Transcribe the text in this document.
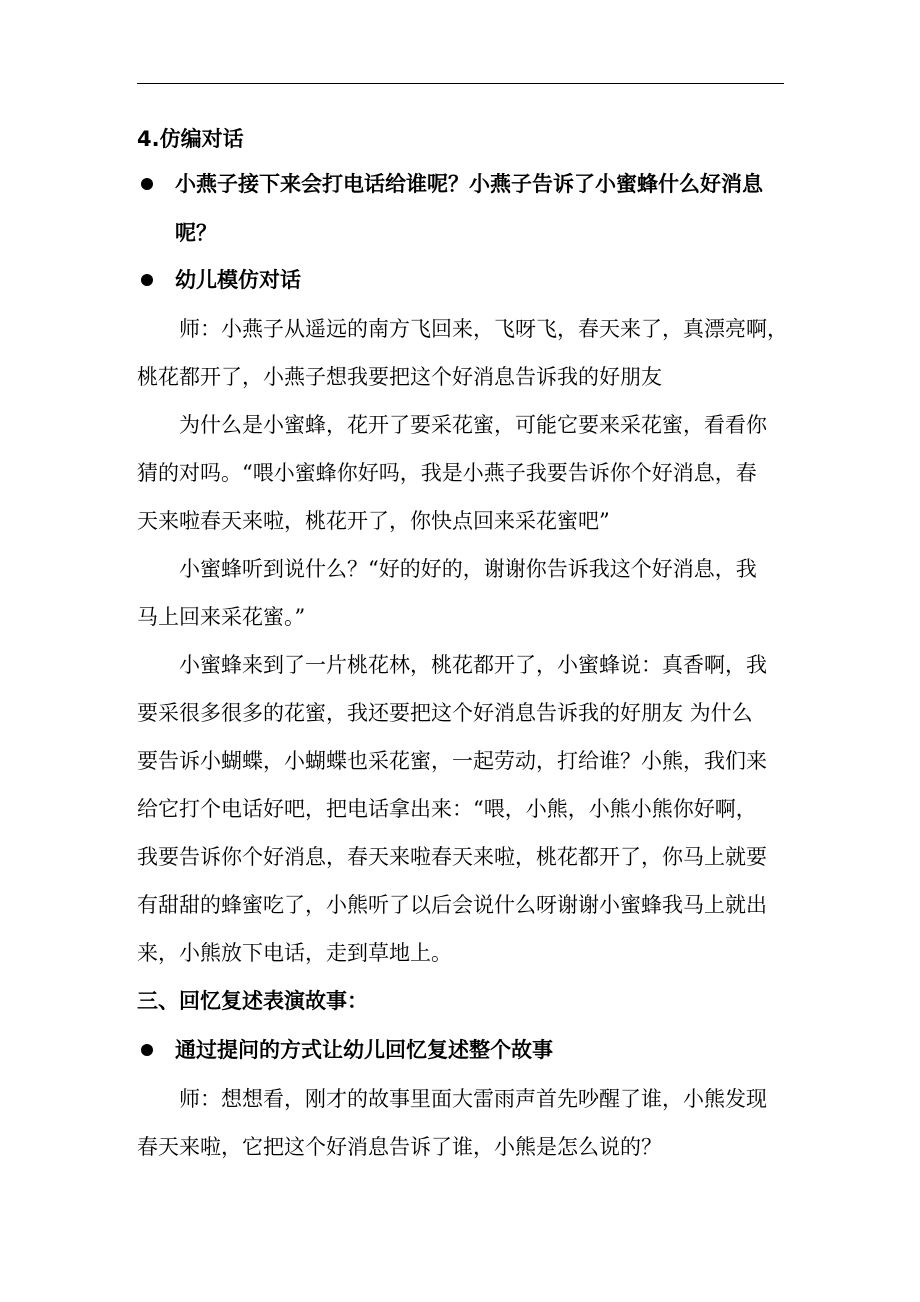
4.仿编对话
小燕子接下来会打电话给谁呢？小燕子告诉了小蜜蜂什么好消息
呢？
幼儿模仿对话
师：小燕子从遥远的南方飞回来，飞呀飞，春天来了，真漂亮啊，
桃花都开了，小燕子想我要把这个好消息告诉我的好朋友
为什么是小蜜蜂，花开了要采花蜜，可能它要来采花蜜，看看你
猜的对吗。“喂小蜜蜂你好吗，我是小燕子我要告诉你个好消息，春
天来啦春天来啦，桃花开了，你快点回来采花蜜吧”
小蜜蜂听到说什么？“好的好的，谢谢你告诉我这个好消息，我
马上回来采花蜜。”
小蜜蜂来到了一片桃花林，桃花都开了，小蜜蜂说：真香啊，我
要采很多很多的花蜜，我还要把这个好消息告诉我的好朋友 为什么
要告诉小蝴蝶，小蝴蝶也采花蜜，一起劳动，打给谁？小熊，我们来
给它打个电话好吧，把电话拿出来：“喂，小熊，小熊小熊你好啊，
我要告诉你个好消息，春天来啦春天来啦，桃花都开了，你马上就要
有甜甜的蜂蜜吃了，小熊听了以后会说什么呀谢谢小蜜蜂我马上就出
来，小熊放下电话，走到草地上。
三、回忆复述表演故事：
通过提问的方式让幼儿回忆复述整个故事
师：想想看，刚才的故事里面大雷雨声首先吵醒了谁，小熊发现
春天来啦，它把这个好消息告诉了谁，小熊是怎么说的？
